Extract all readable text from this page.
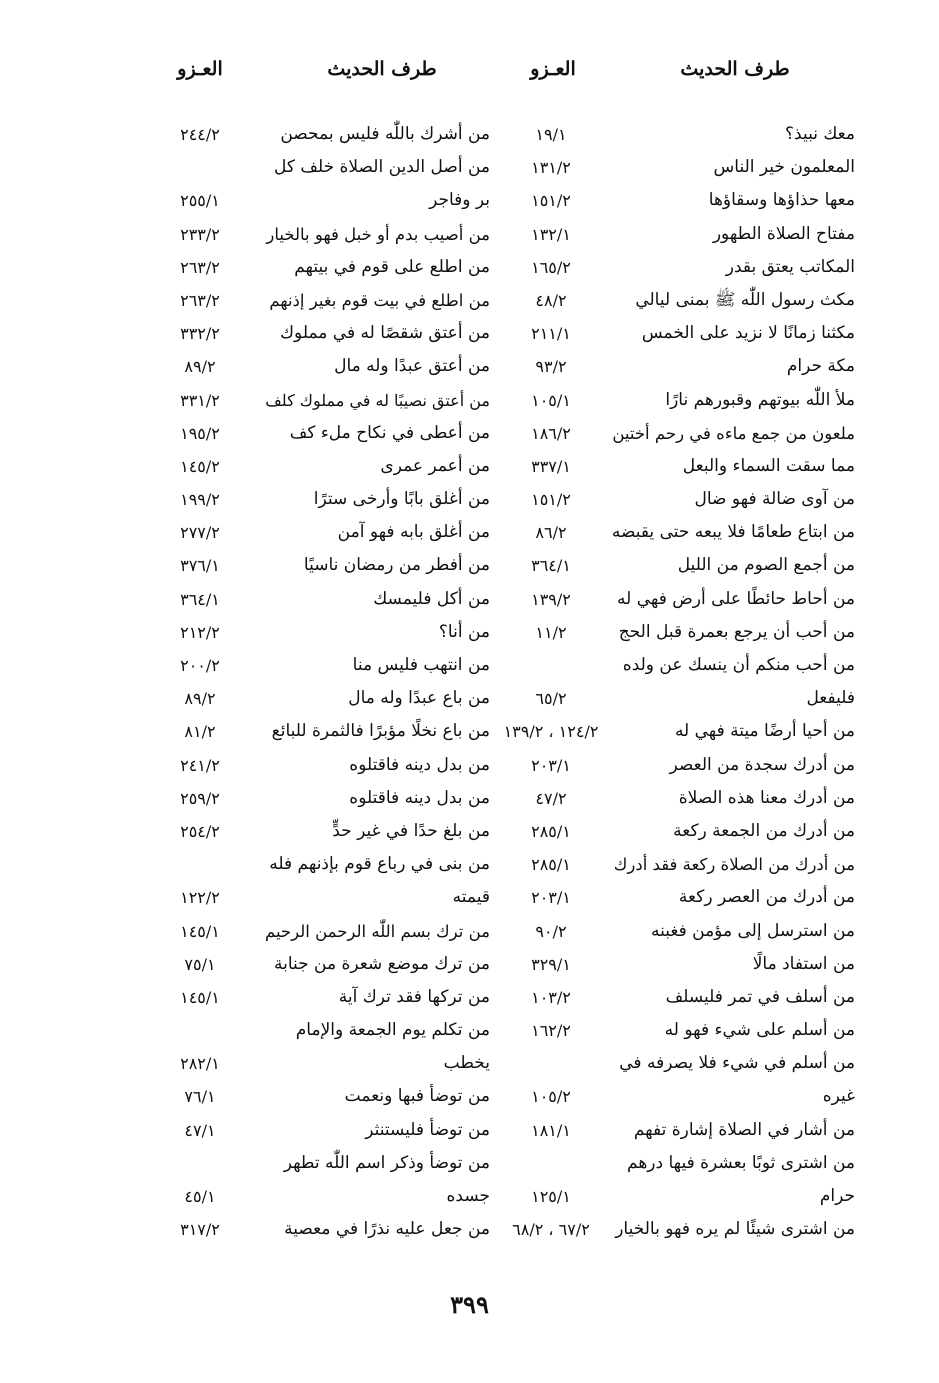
طرف الحديث
العـزو
معك نبيذ؟
١٩/١
المعلمون خير الناس
١٣١/٢
معها حذاؤها وسقاؤها
١٥١/٢
مفتاح الصلاة الطهور
١٣٢/١
المكاتب يعتق بقدر
١٦٥/٢
مكث رسول اللّٰه ﷺ بمنى ليالي
٤٨/٢
مكثنا زمانًا لا نزيد على الخمس
٢١١/١
مكة حرام
٩٣/٢
ملأ اللّٰه بيوتهم وقبورهم نارًا
١٠٥/١
ملعون من جمع ماءه في رحم أختين
١٨٦/٢
مما سقت السماء والبعل
٣٣٧/١
من آوى ضالة فهو ضال
١٥١/٢
من ابتاع طعامًا فلا يبعه حتى يقبضه
٨٦/٢
من أجمع الصوم من الليل
٣٦٤/١
من أحاط حائطًا على أرض فهي له
١٣٩/٢
من أحب أن يرجع بعمرة قبل الحج
١١/٢
من أحب منكم أن ينسك عن ولده
فليفعل
٦٥/٢
من أحيا أرضًا ميتة فهي له
١٢٤/٢ ، ١٣٩/٢
من أدرك سجدة من العصر
٢٠٣/١
من أدرك معنا هذه الصلاة
٤٧/٢
من أدرك من الجمعة ركعة
٢٨٥/١
من أدرك من الصلاة ركعة فقد أدرك
٢٨٥/١
من أدرك من العصر ركعة
٢٠٣/١
من استرسل إلى مؤمن فغبنه
٩٠/٢
من استفاد مالًا
٣٢٩/١
من أسلف في تمر فليسلف
١٠٣/٢
من أسلم على شيء فهو له
١٦٢/٢
من أسلم في شيء فلا يصرفه في
غيره
١٠٥/٢
من أشار في الصلاة إشارة تفهم
١٨١/١
من اشترى ثوبًا بعشرة فيها درهم
حرام
١٢٥/١
من اشترى شيئًا لم يره فهو بالخيار
٦٧/٢ ، ٦٨/٢
طرف الحديث
العـزو
من أشرك باللّٰه فليس بمحصن
٢٤٤/٢
من أصل الدين الصلاة خلف كل
بر وفاجر
٢٥٥/١
من أصيب بدم أو خبل فهو بالخيار
٢٣٣/٢
من اطلع على قوم في بيتهم
٢٦٣/٢
من اطلع في بيت قوم بغير إذنهم
٢٦٣/٢
من أعتق شقصًا له في مملوك
٣٣٢/٢
من أعتق عبدًا وله مال
٨٩/٢
من أعتق نصيبًا له في مملوك كلف
٣٣١/٢
من أعطى في نكاح ملء كف
١٩٥/٢
من أعمر عمرى
١٤٥/٢
من أغلق بابًا وأرخى سترًا
١٩٩/٢
من أغلق بابه فهو آمن
٢٧٧/٢
من أفطر من رمضان ناسيًا
٣٧٦/١
من أكل فليمسك
٣٦٤/١
من أنا؟
٢١٢/٢
من انتهب فليس منا
٢٠٠/٢
من باع عبدًا وله مال
٨٩/٢
من باع نخلًا مؤبرًا فالثمرة للبائع
٨١/٢
من بدل دينه فاقتلوه
٢٤١/٢
من بدل دينه فاقتلوه
٢٥٩/٢
من بلغ حدًا في غير حدٍّ
٢٥٤/٢
من بنى في رباع قوم بإذنهم فله
قيمته
١٢٢/٢
من ترك بسم اللّٰه الرحمن الرحيم
١٤٥/١
من ترك موضع شعرة من جنابة
٧٥/١
من تركها فقد ترك آية
١٤٥/١
من تكلم يوم الجمعة والإمام
يخطب
٢٨٢/١
من توضأ فبها ونعمت
٧٦/١
من توضأ فليستنثر
٤٧/١
من توضأ وذكر اسم اللّٰه تطهر
جسده
٤٥/١
من جعل عليه نذرًا في معصية
٣١٧/٢
٣٩٩
